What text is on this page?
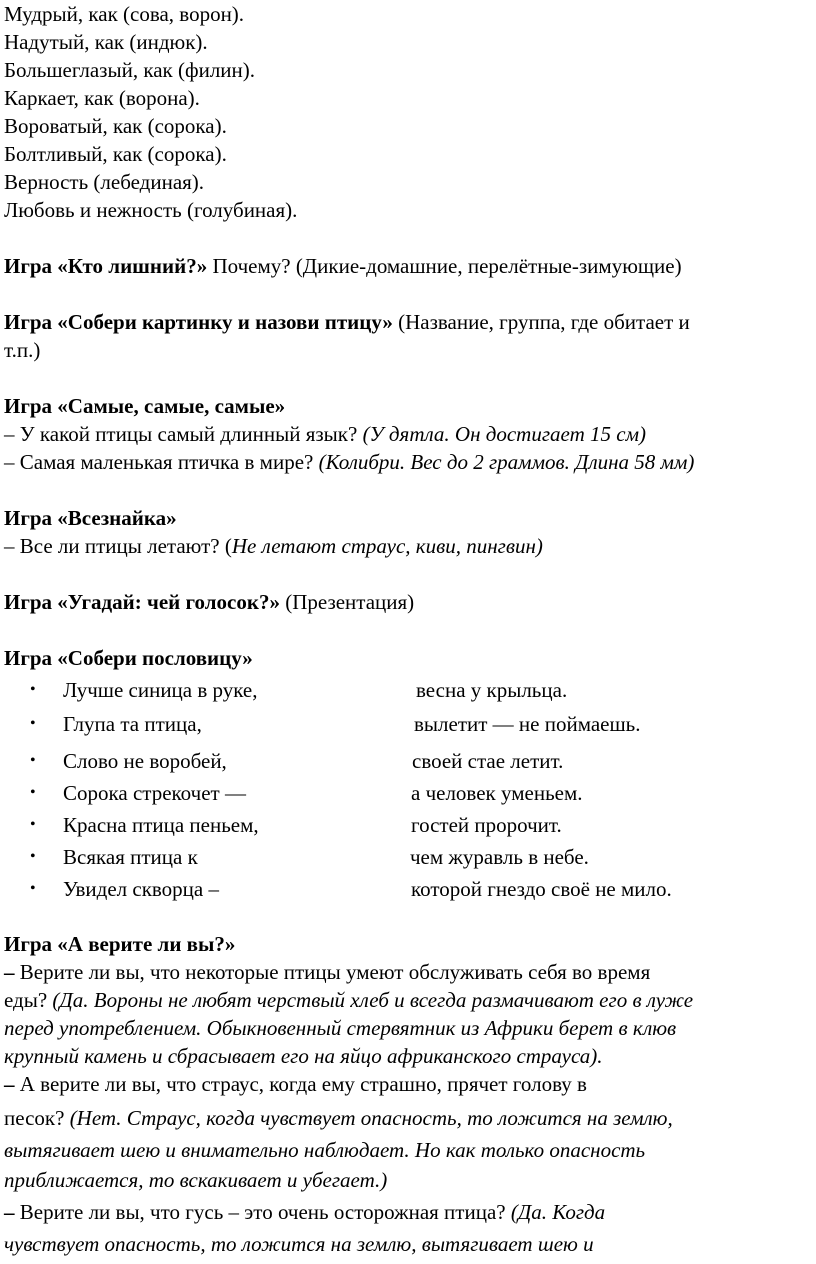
Мудрый, как (сова, ворон).
Надутый, как (индюк).
Большеглазый, как (филин).
Каркает, как (ворона).
Вороватый, как (сорока).
Болтливый, как (сорока).
Верность (лебединая).
Любовь и нежность (голубиная).
Игра «Кто лишний?» Почему? (Дикие-домашние, перелётные-зимующие)
Игра «Собери картинку и назови птицу» (Название, группа, где обитает и
т.п.)
Игра «Самые, самые, самые»
– У какой птицы самый длинный язык? (У дятла. Он достигает 15 см)
– Самая маленькая птичка в мире? (Колибри. Вес до 2 граммов. Длина 58 мм)
Игра «Всезнайка»
– Все ли птицы летают? (Не летают страус, киви, пингвин)
Игра «Угадай: чей голосок?» (Презентация)
Игра «Собери пословицу»
• Лучше синица в руке,	весна у крыльца.
• Глупа та птица,	вылетит — не поймаешь.
• Слово не воробей,	своей стае летит.
• Сорока стрекочет —	а человек уменьем.
• Красна птица пеньем,	гостей пророчит.
• Всякая птица к	чем журавль в небе.
• Увидел скворца –	которой гнездо своё не мило.
Игра «А верите ли вы?»
– Верите ли вы, что некоторые птицы умеют обслуживать себя во время
еды? (Да. Вороны не любят черствый хлеб и всегда размачивают его в луже
перед употреблением. Обыкновенный стервятник из Африки берет в клюв
крупный камень и сбрасывает его на яйцо африканского страуса).
– А верите ли вы, что страус, когда ему страшно, прячет голову в
песок? (Нет. Страус, когда чувствует опасность, то ложится на землю,
вытягивает шею и внимательно наблюдает. Но как только опасность
приближается, то вскакивает и убегает.)
– Верите ли вы, что гусь – это очень осторожная птица? (Да. Когда
чувствует опасность, то ложится на землю, вытягивает шею и
